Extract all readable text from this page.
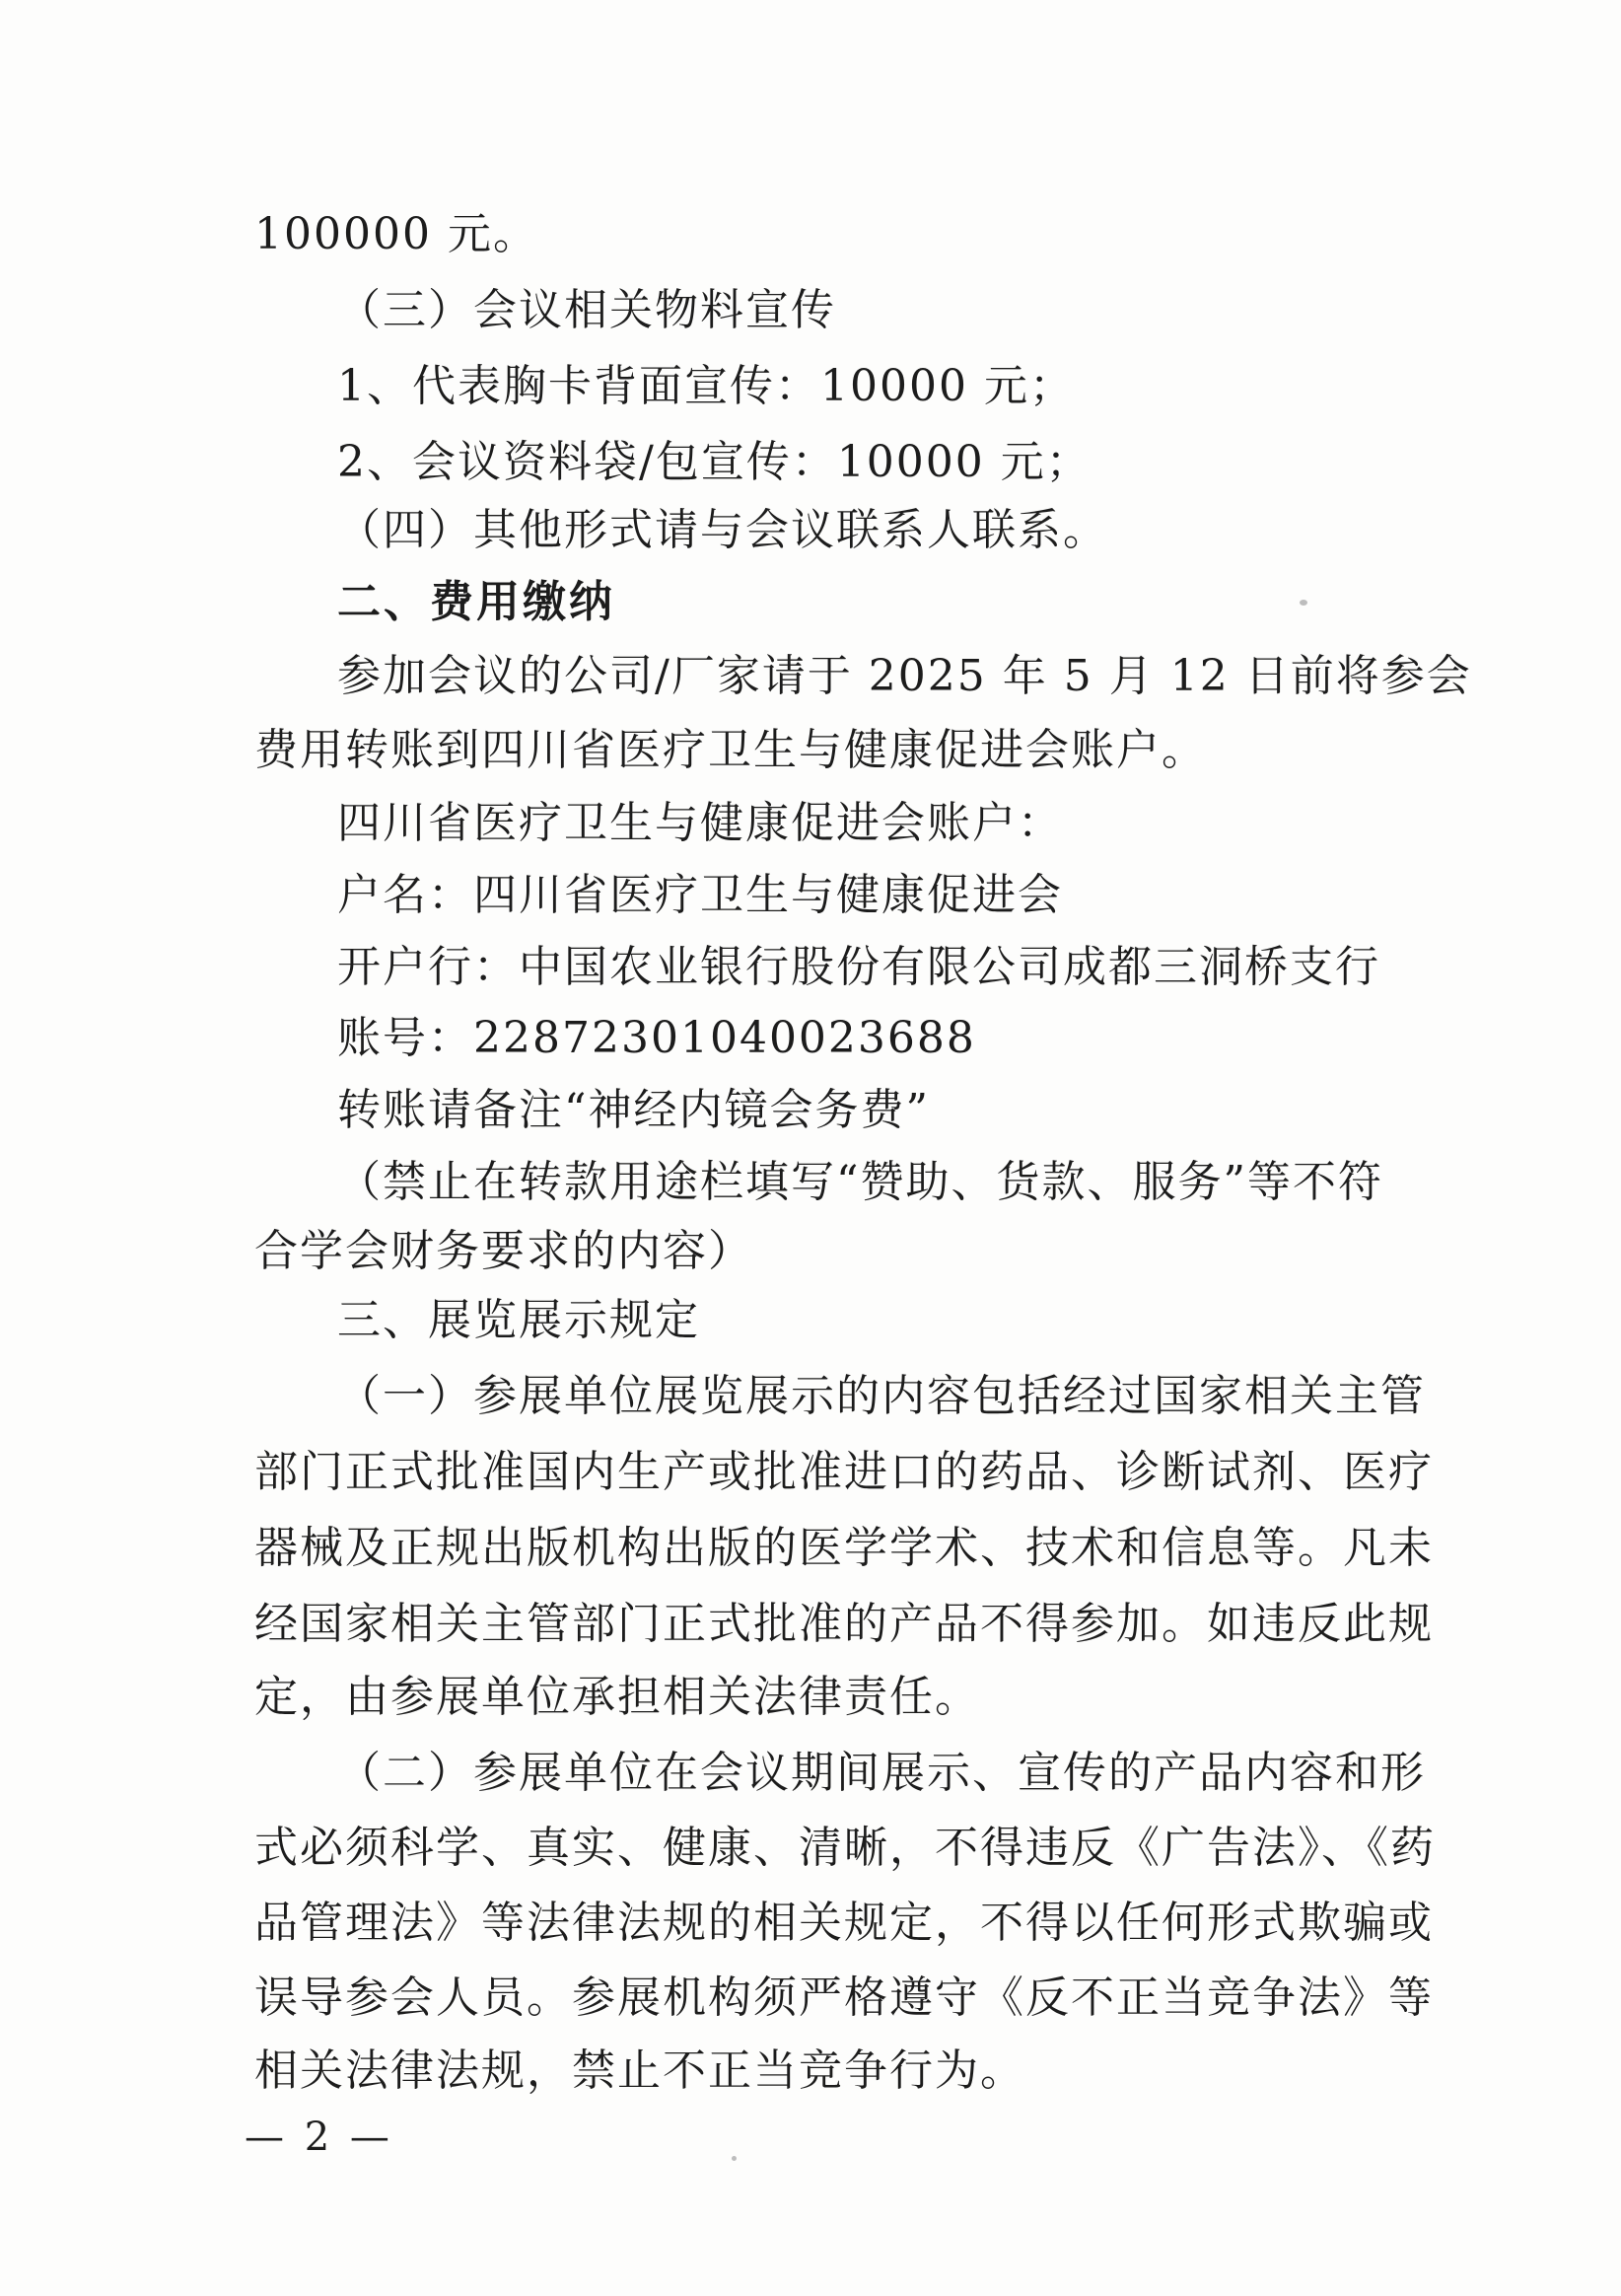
100000 元。
（三）会议相关物料宣传
1、代表胸卡背面宣传：10000 元；
2、会议资料袋/包宣传：10000 元；
（四）其他形式请与会议联系人联系。
二、费用缴纳
参加会议的公司/厂家请于 2025 年 5 月 12 日前将参会
费用转账到四川省医疗卫生与健康促进会账户。
四川省医疗卫生与健康促进会账户：
户名：四川省医疗卫生与健康促进会
开户行：中国农业银行股份有限公司成都三洞桥支行
账号：22872301040023688
转账请备注“神经内镜会务费”
（禁止在转款用途栏填写“赞助、货款、服务”等不符
合学会财务要求的内容）
三、展览展示规定
（一）参展单位展览展示的内容包括经过国家相关主管
部门正式批准国内生产或批准进口的药品、诊断试剂、医疗
器械及正规出版机构出版的医学学术、技术和信息等。凡未
经国家相关主管部门正式批准的产品不得参加。如违反此规
定，由参展单位承担相关法律责任。
（二）参展单位在会议期间展示、宣传的产品内容和形
式必须科学、真实、健康、清晰，不得违反《广告法》、《药
品管理法》等法律法规的相关规定，不得以任何形式欺骗或
误导参会人员。参展机构须严格遵守《反不正当竞争法》等
相关法律法规，禁止不正当竞争行为。
— 2 —
